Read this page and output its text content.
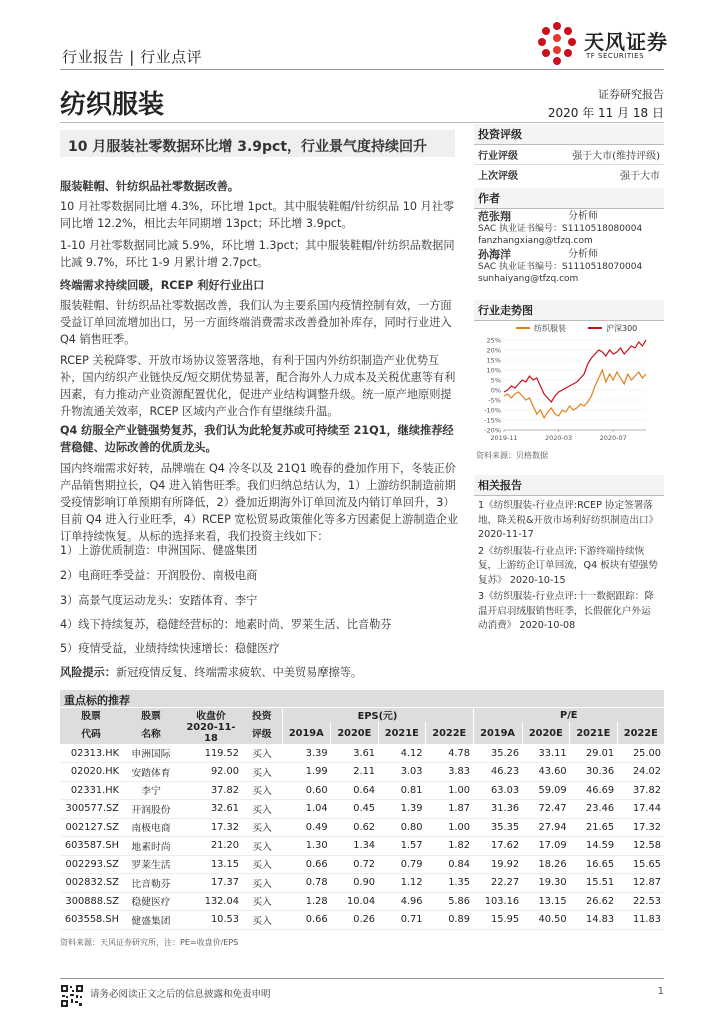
行业报告 | 行业点评
天风证券
TF SECURITIES
纺织服装	证券研究报告
2020 年 11 月 18 日
10 月服装社零数据环比增 3.9pct，行业景气度持续回升
服装鞋帽、针纺织品社零数据改善。
10 月社零数据同比增 4.3%，环比增 1pct。其中服装鞋帽/针纺织品 10 月社零同比增 12.2%，相比去年同期增 13pct；环比增 3.9pct。
1-10 月社零数据同比减 5.9%，环比增 1.3pct；其中服装鞋帽/针纺织品数据同比减 9.7%，环比 1-9 月累计增 2.7pct。
终端需求持续回暖，RCEP 利好行业出口
服装鞋帽、针纺织品社零数据改善，我们认为主要系国内疫情控制有效，一方面受益订单回流增加出口，另一方面终端消费需求改善叠加补库存，同时行业进入 Q4 销售旺季。
RCEP 关税降零、开放市场协议签署落地，有利于国内外纺织制造产业优势互补，国内纺织产业链快反/短交期优势显著，配合海外人力成本及关税优惠等有利因素，有力推动产业资源配置优化，促进产业结构调整升级。统一原产地原则提升物流通关效率，RCEP 区域内产业合作有望继续升温。
Q4 纺服全产业链强势复苏，我们认为此轮复苏或可持续至 21Q1，继续推荐经营稳健、边际改善的优质龙头。
国内终端需求好转，品牌端在 Q4 冷冬以及 21Q1 晚春的叠加作用下，冬装正价产品销售期拉长，Q4 进入销售旺季。我们归纳总结认为，1）上游纺织制造前期受疫情影响订单预期有所降低，2）叠加近期海外订单回流及内销订单回升，3）目前 Q4 进入行业旺季，4）RCEP 宽松贸易政策催化等多方因素促上游制造企业订单持续恢复。从标的选择来看，我们投资主线如下：
1）上游优质制造：申洲国际、健盛集团
2）电商旺季受益：开润股份、南极电商
3）高景气度运动龙头：安踏体育、李宁
4）线下持续复苏，稳健经营标的：地素时尚、罗莱生活、比音勒芬
5）疫情受益，业绩持续快速增长：稳健医疗
风险提示：新冠疫情反复、终端需求疲软、中美贸易摩擦等。
投资评级
行业评级	强于大市(维持评级)
上次评级	强于大市
作者
范张翔	分析师
SAC 执业证书编号：S1110518080004
fanzhangxiang@tfzq.com
孙海洋	分析师
SAC 执业证书编号：S1110518070004
sunhaiyang@tfzq.com
行业走势图
纺织服装	沪深300
25%
20%
15%
10%
5%
0%
-5%
-10%
-15%
-20%
2019-11	2020-03	2020-07
资料来源：贝格数据
相关报告
1《纺织服装-行业点评:RCEP 协定签署落地，降关税&开放市场利好纺织制造出口》 2020-11-17
2《纺织服装-行业点评:下游终端持续恢复，上游纺企订单回流，Q4 板块有望强势复苏》 2020-10-15
3《纺织服装-行业点评:十一数据跟踪：降温开启羽绒服销售旺季，长假催化户外运动消费》 2020-10-08
重点标的推荐
股票	股票	收盘价	投资	EPS(元)				P/E			
代码	名称	2020-11-18	评级	2019A	2020E	2021E	2022E	2019A	2020E	2021E	2022E
02313.HK	申洲国际	119.52	买入	3.39	3.61	4.12	4.78	35.26	33.11	29.01	25.00
02020.HK	安踏体育	92.00	买入	1.99	2.11	3.03	3.83	46.23	43.60	30.36	24.02
02331.HK	李宁	37.82	买入	0.60	0.64	0.81	1.00	63.03	59.09	46.69	37.82
300577.SZ	开润股份	32.61	买入	1.04	0.45	1.39	1.87	31.36	72.47	23.46	17.44
002127.SZ	南极电商	17.32	买入	0.49	0.62	0.80	1.00	35.35	27.94	21.65	17.32
603587.SH	地素时尚	21.20	买入	1.30	1.34	1.57	1.82	17.62	17.09	14.59	12.58
002293.SZ	罗莱生活	13.15	买入	0.66	0.72	0.79	0.84	19.92	18.26	16.65	15.65
002832.SZ	比音勒芬	17.37	买入	0.78	0.90	1.12	1.35	22.27	19.30	15.51	12.87
300888.SZ	稳健医疗	132.04	买入	1.28	10.04	4.96	5.86	103.16	13.15	26.62	22.53
603558.SH	健盛集团	10.53	买入	0.66	0.26	0.71	0.89	15.95	40.50	14.83	11.83
资料来源：天风证券研究所，注：PE=收盘价/EPS
请务必阅读正文之后的信息披露和免责申明	1
